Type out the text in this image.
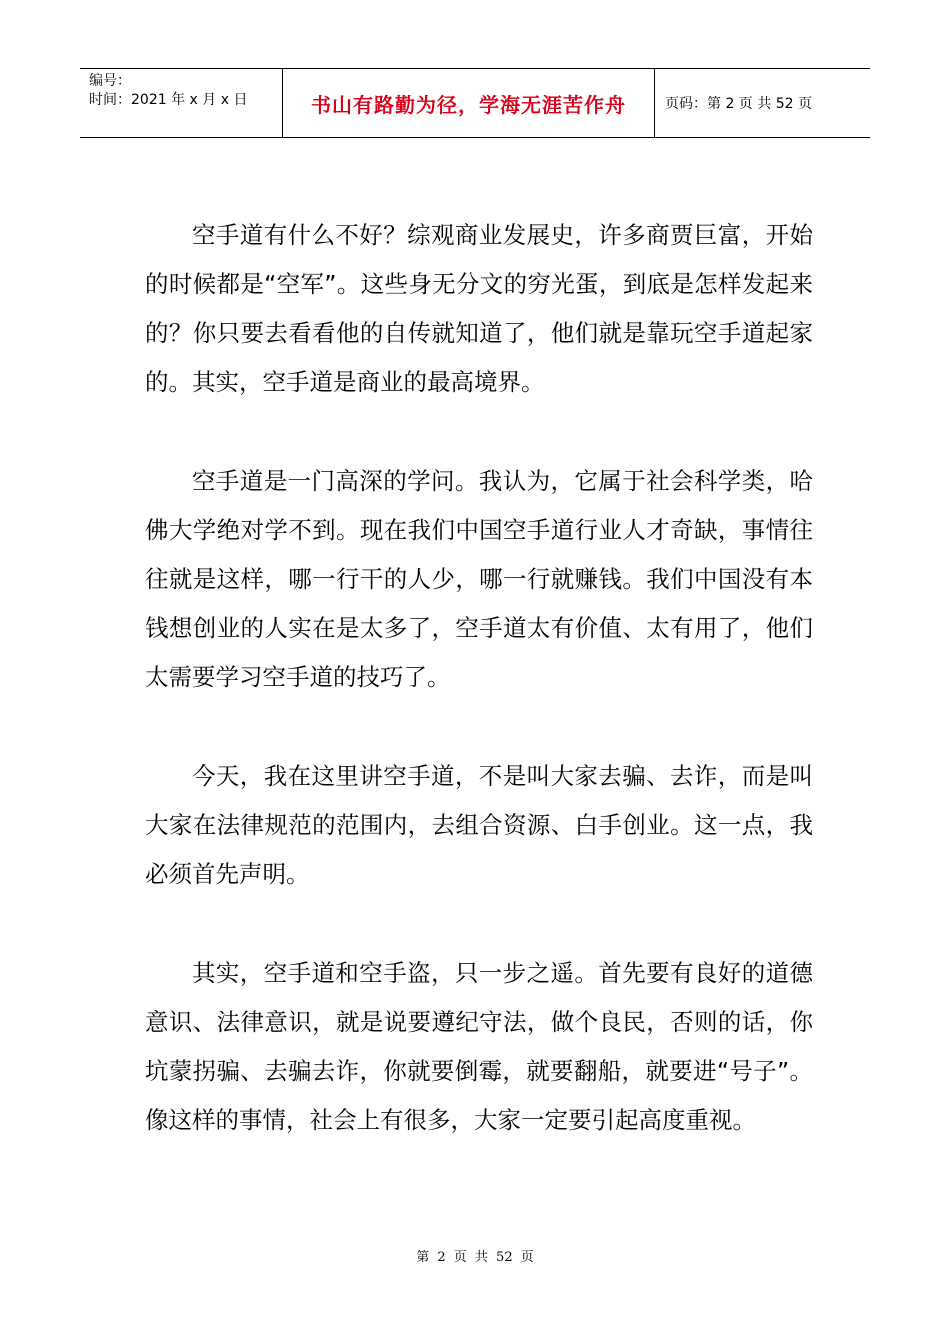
编号：
时间：2021 年 x 月 x 日	书山有路勤为径，学海无涯苦作舟	页码：第 2 页 共 52 页

空手道有什么不好？综观商业发展史，许多商贾巨富，开始的时候都是“空军”。这些身无分文的穷光蛋，到底是怎样发起来的？你只要去看看他的自传就知道了，他们就是靠玩空手道起家的。其实，空手道是商业的最高境界。

空手道是一门高深的学问。我认为，它属于社会科学类，哈佛大学绝对学不到。现在我们中国空手道行业人才奇缺，事情往往就是这样，哪一行干的人少，哪一行就赚钱。我们中国没有本钱想创业的人实在是太多了，空手道太有价值、太有用了，他们太需要学习空手道的技巧了。

今天，我在这里讲空手道，不是叫大家去骗、去诈，而是叫大家在法律规范的范围内，去组合资源、白手创业。这一点，我必须首先声明。

其实，空手道和空手盗，只一步之遥。首先要有良好的道德意识、法律意识，就是说要遵纪守法，做个良民，否则的话，你坑蒙拐骗、去骗去诈，你就要倒霉，就要翻船，就要进“号子”。像这样的事情，社会上有很多，大家一定要引起高度重视。

第 2 页 共 52 页
